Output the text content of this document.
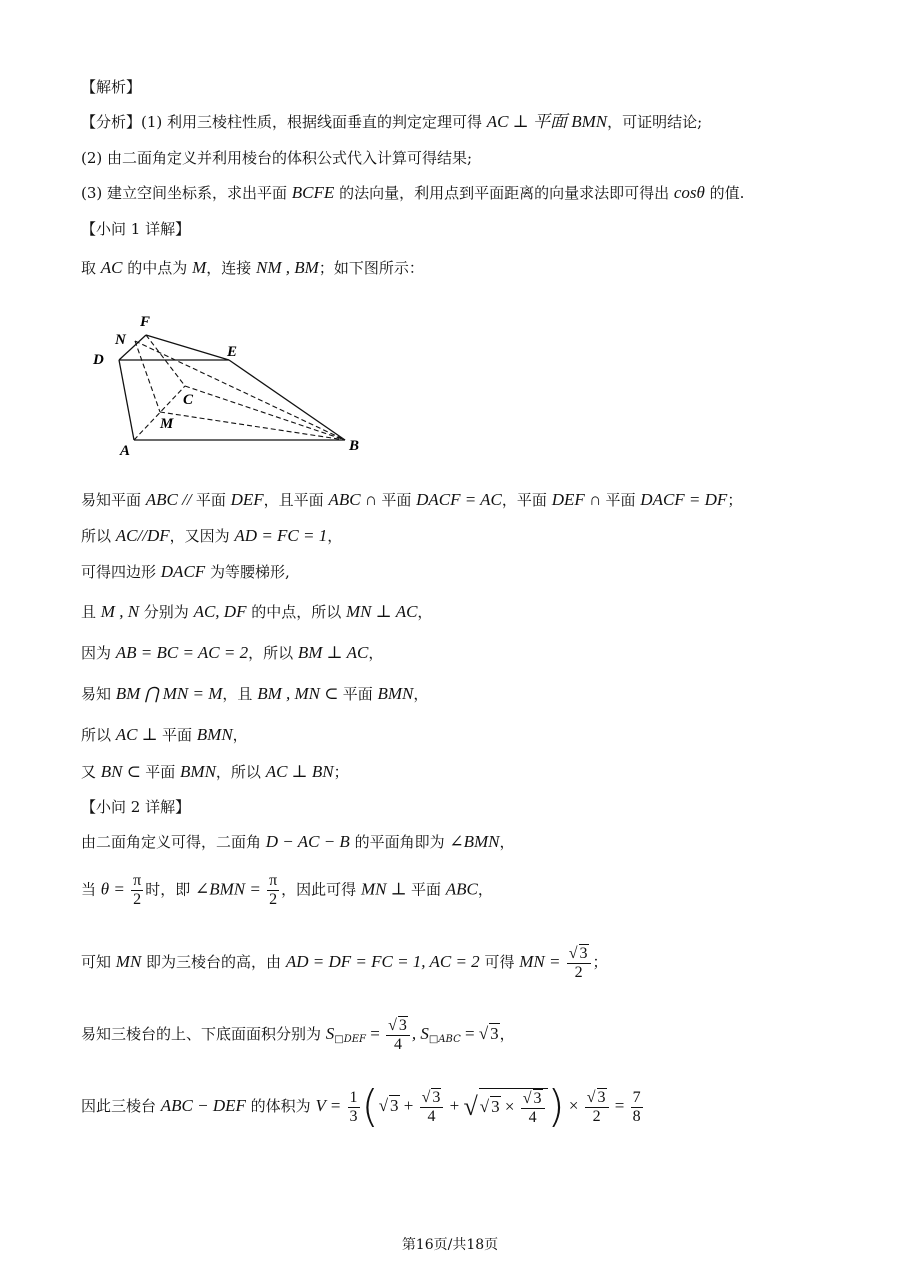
【解析】
【分析】(1) 利用三棱柱性质，根据线面垂直的判定定理可得 AC ⊥ 平面 BMN，可证明结论;
(2) 由二面角定义并利用棱台的体积公式代入计算可得结果;
(3) 建立空间坐标系，求出平面 BCFE 的法向量，利用点到平面距离的向量求法即可得出 cosθ 的值.
【小问 1 详解】
取 AC 的中点为 M，连接 NM , BM；如下图所示：
F
N
D	E
C
M
A	B
易知平面 ABC // 平面 DEF，且平面 ABC ∩ 平面 DACF = AC，平面 DEF ∩ 平面 DACF = DF；
所以 AC//DF，又因为 AD = FC = 1，
可得四边形 DACF 为等腰梯形,
且 M , N 分别为 AC, DF 的中点，所以 MN ⊥ AC，
因为 AB = BC = AC = 2，所以 BM ⊥ AC，
易知 BM ⋂ MN = M，且 BM , MN ⊂ 平面 BMN，
所以 AC ⊥ 平面 BMN，
又 BN ⊂ 平面 BMN，所以 AC ⊥ BN；
【小问 2 详解】
由二面角定义可得，二面角 D − AC − B 的平面角即为 ∠BMN，
当 $\theta = \frac{\pi}{2}$ 时，即 ∠BMN = $\frac{\pi}{2}$ ，因此可得 MN ⊥ 平面 ABC，
可知 MN 即为三棱台的高，由 AD = DF = FC = 1, AC = 2 可得 MN = $\frac{√ 3}{2}$ ；
易知三棱台的上、下底面面积分别为 $S_{□DEF} = \frac{√ 3}{4}$ , $S_{□ABC}$ = √ 3，
因此三棱台 ABC − DEF 的体积为 $V = \frac{1}{3}$ (√ $3 + \frac{√ 3}{4}$ + √ √ $3 \times \frac{√ 3}{4}$ ) × $\frac{√ 3}{2} = \frac{7}{8}$
第16页/共18页
